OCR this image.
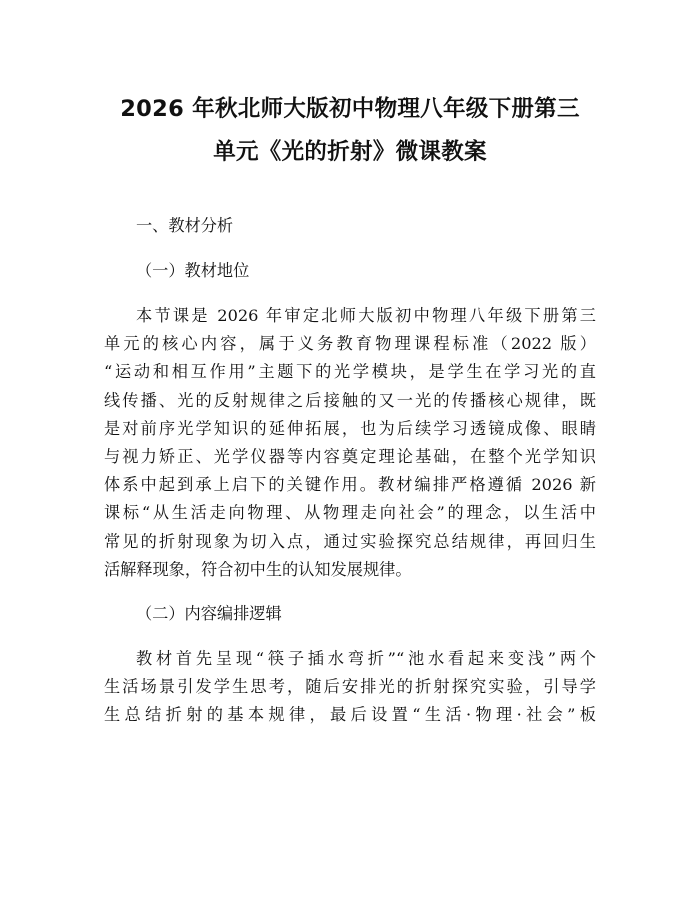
2026 年秋北师大版初中物理八年级下册第三
单元《光的折射》微课教案

一、教材分析

（一）教材地位

本节课是 2026 年审定北师大版初中物理八年级下册第三
单元的核心内容，属于义务教育物理课程标准（2022 版）
“运动和相互作用”主题下的光学模块，是学生在学习光的直
线传播、光的反射规律之后接触的又一光的传播核心规律，既
是对前序光学知识的延伸拓展，也为后续学习透镜成像、眼睛
与视力矫正、光学仪器等内容奠定理论基础，在整个光学知识
体系中起到承上启下的关键作用。教材编排严格遵循 2026 新
课标“从生活走向物理、从物理走向社会”的理念，以生活中
常见的折射现象为切入点，通过实验探究总结规律，再回归生
活解释现象，符合初中生的认知发展规律。

（二）内容编排逻辑

教材首先呈现“筷子插水弯折”“池水看起来变浅”两个
生活场景引发学生思考，随后安排光的折射探究实验，引导学
生总结折射的基本规律，最后设置“生活·物理·社会”板
